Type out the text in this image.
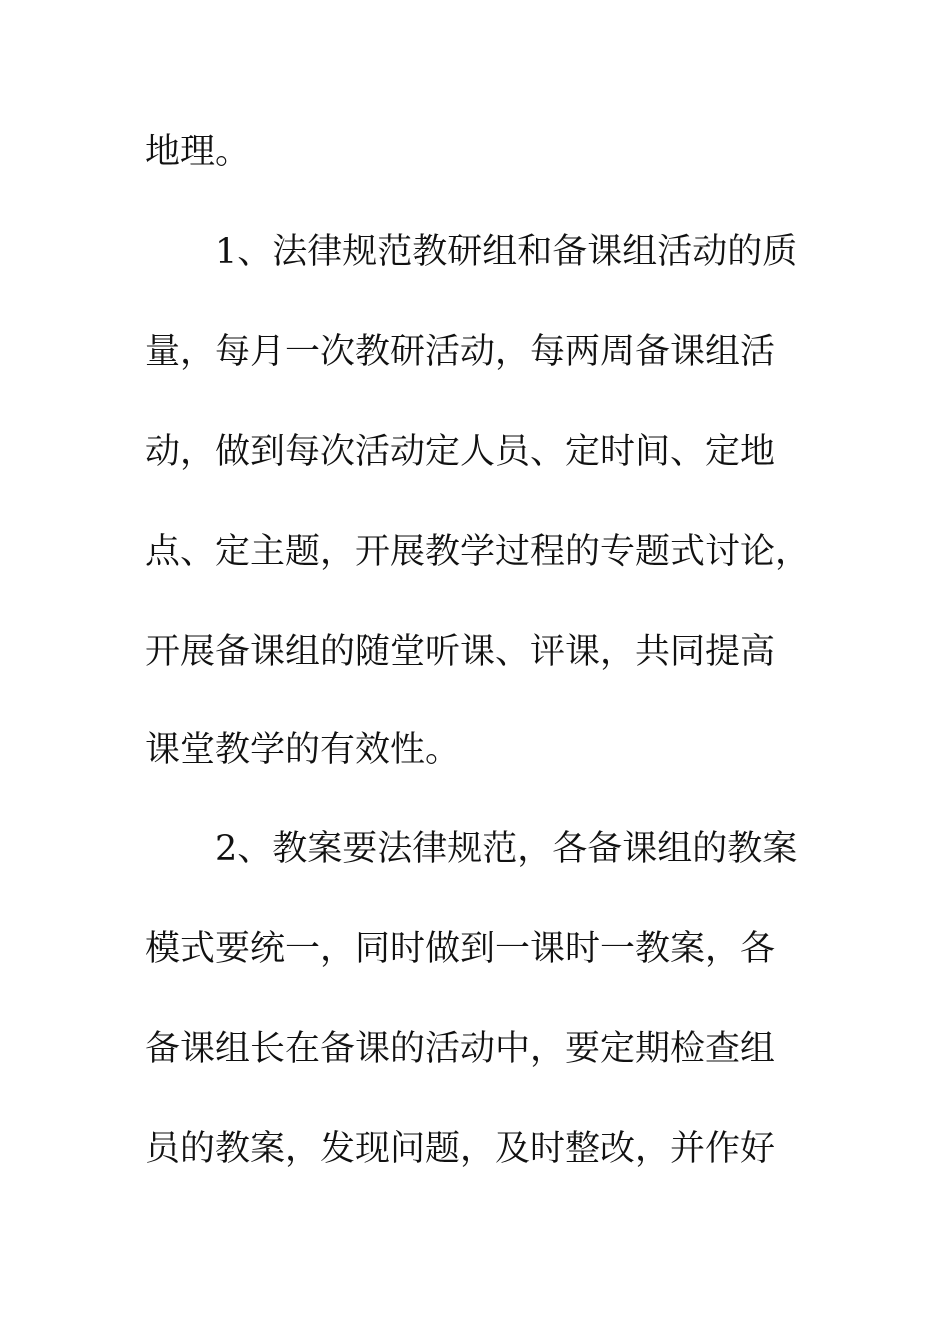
地理。
1、法律规范教研组和备课组活动的质
量，每月一次教研活动，每两周备课组活
动，做到每次活动定人员、定时间、定地
点、定主题，开展教学过程的专题式讨论，
开展备课组的随堂听课、评课，共同提高
课堂教学的有效性。
2、教案要法律规范，各备课组的教案
模式要统一，同时做到一课时一教案，各
备课组长在备课的活动中，要定期检查组
员的教案，发现问题，及时整改，并作好
